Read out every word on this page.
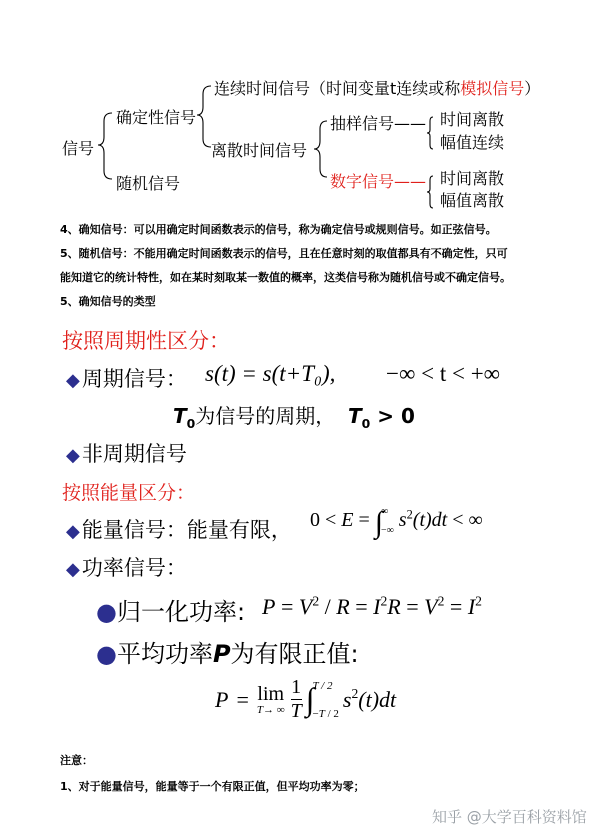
信号
确定性信号
随机信号
连续时间信号（时间变量t连续或称模拟信号）
离散时间信号
抽样信号——
数字信号——
时间离散
幅值连续
时间离散
幅值离散
4、确知信号：可以用确定时间函数表示的信号，称为确定信号或规则信号。如正弦信号。
5、随机信号：不能用确定时间函数表示的信号，且在任意时刻的取值都具有不确定性，只可
能知道它的统计特性，如在某时刻取某一数值的概率，这类信号称为随机信号或不确定信号。
5、确知信号的类型
按照周期性区分：
◆周期信号： s(t) = s(t+T₀), −∞ < t < +∞
$T_0$为信号的周期， $T_0 > 0$
◆非周期信号
按照能量区分：
◆能量信号：能量有限， 0 < E = ∫
∞
−∞ $s^2(t)dt$ < ∞
◆功率信号：
●归一化功率: $P = V^2 / R = I^2R = V^2 = I^2$
●平均功率P为有限正值:
P = lim
T→ ∞ $\frac{1}{T}$ ∫
T / 2
−T / 2
s 2 (t)dt
注意：
1、对于能量信号，能量等于一个有限正值，但平均功率为零；
知乎 @大学百科资料馆
